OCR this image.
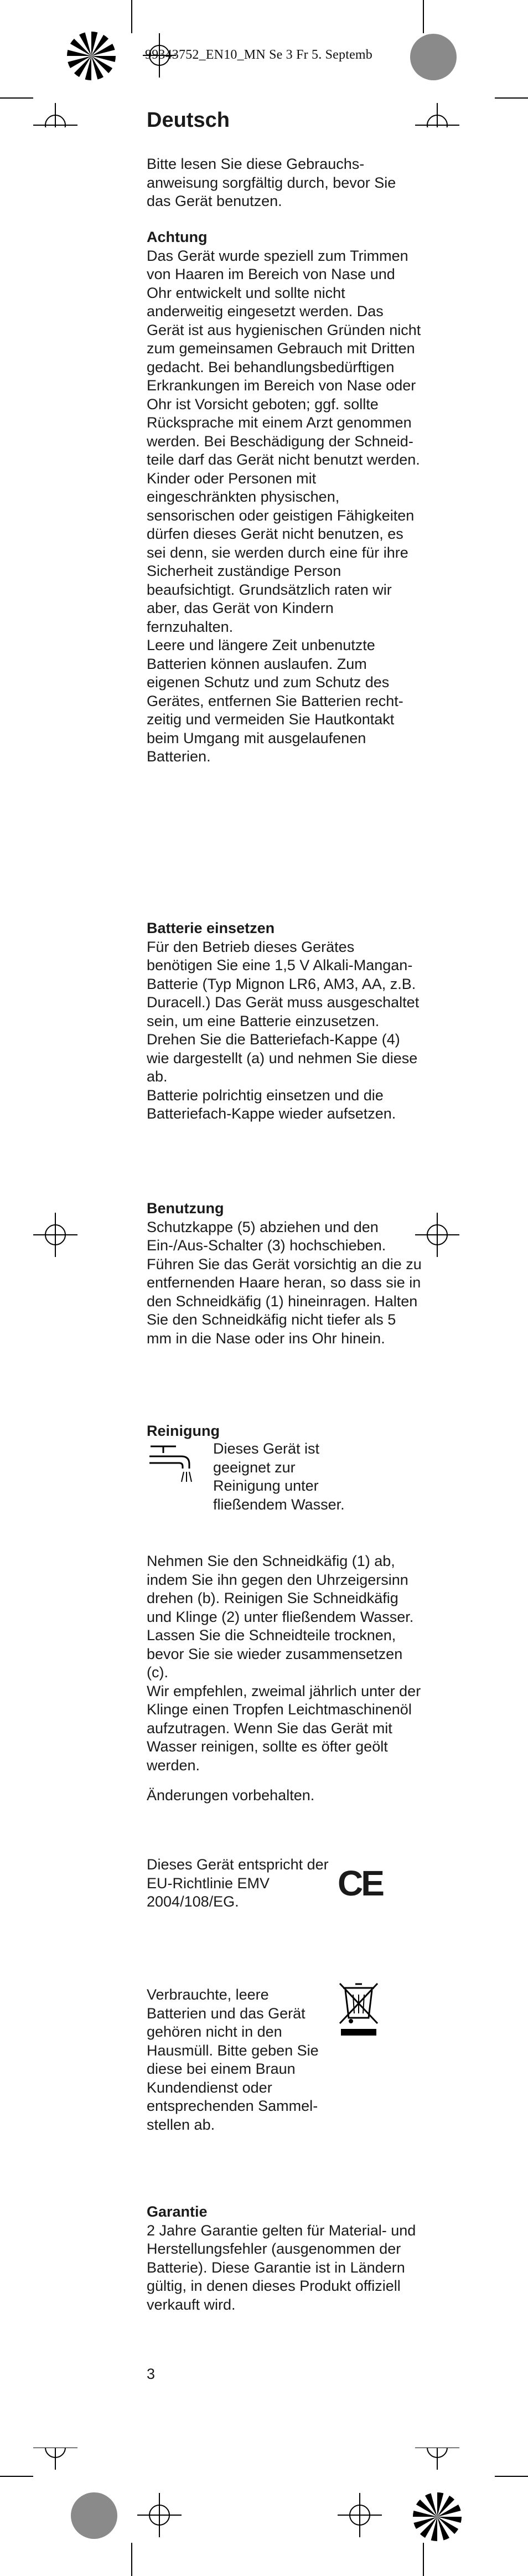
99343752_EN10_MN Se 3 Fr 5. Septemb
Deutsch

Bitte lesen Sie diese Gebrauchsanweisung sorgfältig durch, bevor Sie das Gerät benutzen.

Achtung

Das Gerät wurde speziell zum Trimmen von Haaren im Bereich von Nase und Ohr entwickelt und sollte nicht anderweitig eingesetzt werden. Das Gerät ist aus hygienischen Gründen nicht zum gemeinsamen Gebrauch mit Dritten gedacht. Bei behandlungsbedürftigen Erkrankungen im Bereich von Nase oder Ohr ist Vorsicht geboten; ggf. sollte Rücksprache mit einem Arzt genommen werden. Bei Beschädigung der Schneidteile darf das Gerät nicht benutzt werden.

Kinder oder Personen mit eingeschränkten physischen, sensorischen oder geistigen Fähigkeiten dürfen dieses Gerät nicht benutzen, es sei denn, sie werden durch eine für ihre Sicherheit zuständige Person beaufsichtigt. Grundsätzlich raten wir aber, das Gerät von Kindern fernzuhalten.

Leere und längere Zeit unbenutzte Batterien können auslaufen. Zum eigenen Schutz und zum Schutz des Gerätes, entfernen Sie Batterien rechtzeitig und vermeiden Sie Hautkontakt beim Umgang mit ausgelaufenen Batterien.

Batterie einsetzen

Für den Betrieb dieses Gerätes benötigen Sie eine 1,5 V Alkali-Mangan-Batterie (Typ Mignon LR6, AM3, AA, z.B. Duracell.) Das Gerät muss ausgeschaltet sein, um eine Batterie einzusetzen.

Drehen Sie die Batteriefach-Kappe (4) wie dargestellt (a) und nehmen Sie diese ab.

Batterie polrichtig einsetzen und die Batteriefach-Kappe wieder aufsetzen.

Benutzung

Schutzkappe (5) abziehen und den Ein-/Aus-Schalter (3) hochschieben.

Führen Sie das Gerät vorsichtig an die zu entfernenden Haare heran, so dass sie in den Schneidkäfig (1) hineinragen. Halten Sie den Schneidkäfig nicht tiefer als 5 mm in die Nase oder ins Ohr hinein.

Reinigung
Dieses Gerät ist geeignet zur Reinigung unter fließendem Wasser.

Nehmen Sie den Schneidkäfig (1) ab, indem Sie ihn gegen den Uhrzeigersinn drehen (b). Reinigen Sie Schneidkäfig und Klinge (2) unter fließendem Wasser. Lassen Sie die Schneidteile trocknen, bevor Sie sie wieder zusammensetzen (c).

Wir empfehlen, zweimal jährlich unter der Klinge einen Tropfen Leichtmaschinenöl aufzutragen. Wenn Sie das Gerät mit Wasser reinigen, sollte es öfter geölt werden.

Änderungen vorbehalten.

Dieses Gerät entspricht der EU-Richtlinie EMV 2004/108/EG.	CE
Verbrauchte, leere Batterien und das Gerät gehören nicht in den Hausmüll. Bitte geben Sie diese bei einem Braun Kundendienst oder entsprechenden Sammelstellen ab.
Garantie

2 Jahre Garantie gelten für Material- und Herstellungsfehler (ausgenommen der Batterie). Diese Garantie ist in Ländern gültig, in denen dieses Produkt offiziell verkauft wird.

3
